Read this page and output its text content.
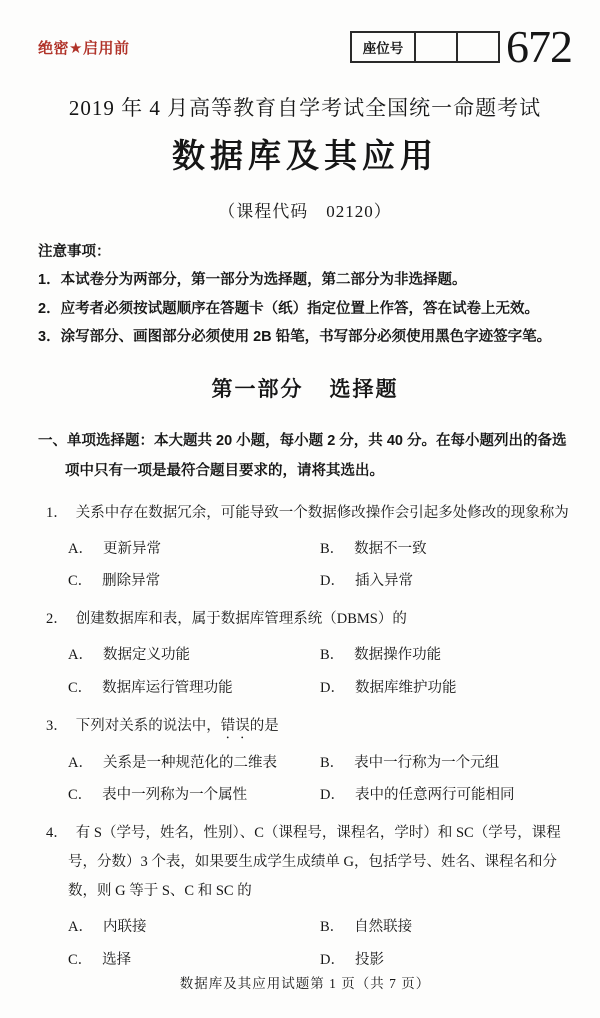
绝密★启用前	座位号 672
2019 年 4 月高等教育自学考试全国统一命题考试
数据库及其应用
（课程代码　02120）
注意事项：
1．本试卷分为两部分，第一部分为选择题，第二部分为非选择题。
2．应考者必须按试题顺序在答题卡（纸）指定位置上作答，答在试卷上无效。
3．涂写部分、画图部分必须使用 2B 铅笔，书写部分必须使用黑色字迹签字笔。
第一部分 选择题
一、单项选择题：本大题共 20 小题，每小题 2 分，共 40 分。在每小题列出的备选项中只有一项是最符合题目要求的，请将其选出。
1． 关系中存在数据冗余，可能导致一个数据修改操作会引起多处修改的现象称为
A． 更新异常	B． 数据不一致
C． 删除异常	D． 插入异常
2． 创建数据库和表，属于数据库管理系统（DBMS）的
A． 数据定义功能	B． 数据操作功能
C． 数据库运行管理功能	D． 数据库维护功能
3． 下列对关系的说法中，错误的是
A． 关系是一种规范化的二维表	B． 表中一行称为一个元组
C． 表中一列称为一个属性	D． 表中的任意两行可能相同
4． 有 S（学号，姓名，性别）、C（课程号，课程名，学时）和 SC（学号，课程号，分数）3 个表，如果要生成学生成绩单 G，包括学号、姓名、课程名和分数，则 G 等于 S、C 和 SC 的
A． 内联接	B． 自然联接
C． 选择	D． 投影
数据库及其应用试题第 1 页（共 7 页）
